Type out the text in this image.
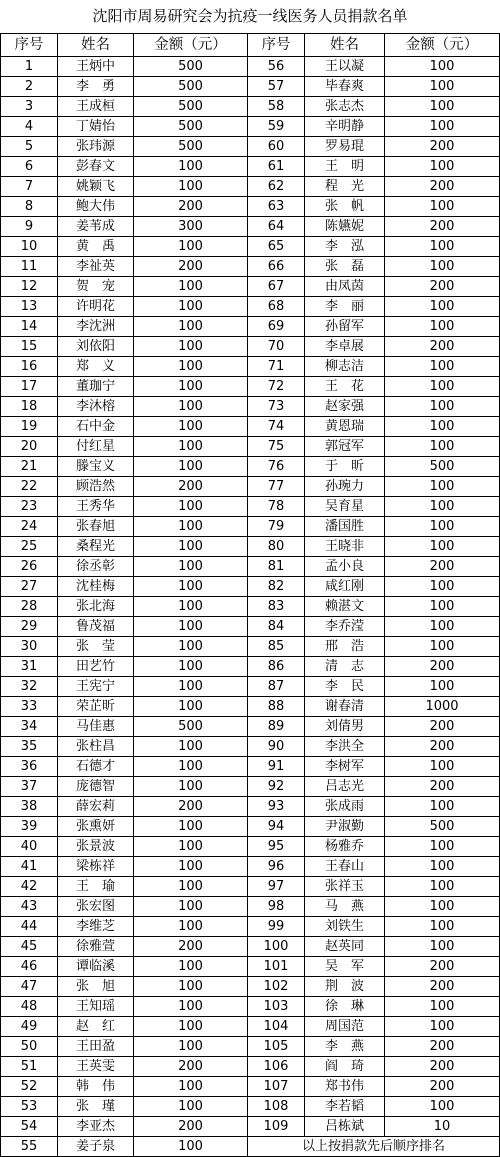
沈阳市周易研究会为抗疫一线医务人员捐款名单
序号	姓名	金额（元）	序号	姓名	金额（元）
1	王炳中	500	56	王以凝	100
2	李　勇	500	57	毕春爽	100
3	王成桓	500	58	张志杰	100
4	丁婧怡	500	59	辛明静	100
5	张玮源	500	60	罗易琨	200
6	彭春文	100	61	王　明	100
7	姚颖飞	100	62	程　光	200
8	鲍大伟	200	63	张　帆	100
9	姜苇成	300	64	陈嬿妮	200
10	黄　禹	100	65	李　泓	100
11	李祉英	200	66	张　磊	100
12	贺　宠	100	67	由凤茵	200
13	许明花	100	68	李　丽	100
14	李沈洲	100	69	孙留军	100
15	刘依阳	100	70	李卓展	200
16	郑　义	100	71	柳志洁	100
17	董珈宁	100	72	王　花	100
18	李沐榕	100	73	赵家强	100
19	石中金	100	74	黄恩瑞	100
20	付红星	100	75	郭冠军	100
21	滕宝义	100	76	于　昕	500
22	顾浩然	200	77	孙琬力	100
23	王秀华	100	78	吴育星	100
24	张春旭	100	79	潘国胜	100
25	桑程光	100	80	王晓非	100
26	徐丞彰	100	81	孟小良	200
27	沈桂梅	100	82	咸红刚	100
28	张北海	100	83	赖湛文	100
29	鲁茂福	100	84	李乔滢	100
30	张　莹	100	85	邢　浩	100
31	田艺竹	100	86	清　志	200
32	王宪宁	100	87	李　民	100
33	荣芷昕	100	88	谢春清	1000
34	马佳惠	500	89	刘倩男	200
35	张柱昌	100	90	李洪全	200
36	石德才	100	91	李树军	100
37	庞德智	100	92	吕志光	200
38	薛宏莉	200	93	张成雨	100
39	张熏妍	100	94	尹淑勤	500
40	张景波	100	95	杨雅乔	100
41	梁栋祥	100	96	王春山	100
42	王　瑜	100	97	张祥玉	100
43	张宏图	100	98	马　燕	100
44	李维芝	100	99	刘铁生	100
45	徐雅萱	200	100	赵英同	100
46	谭临溪	100	101	吴　军	200
47	张　旭	100	102	荆　波	200
48	王知瑶	100	103	徐　琳	100
49	赵　红	100	104	周国范	100
50	王田盈	100	105	李　燕	200
51	王英雯	200	106	阎　琦	200
52	韩　伟	100	107	郑书伟	200
53	张　瑾	100	108	李若韬	100
54	李亚杰	200	109	吕栋斌	10
55	姜子泉	100	以上按捐款先后顺序排名		
